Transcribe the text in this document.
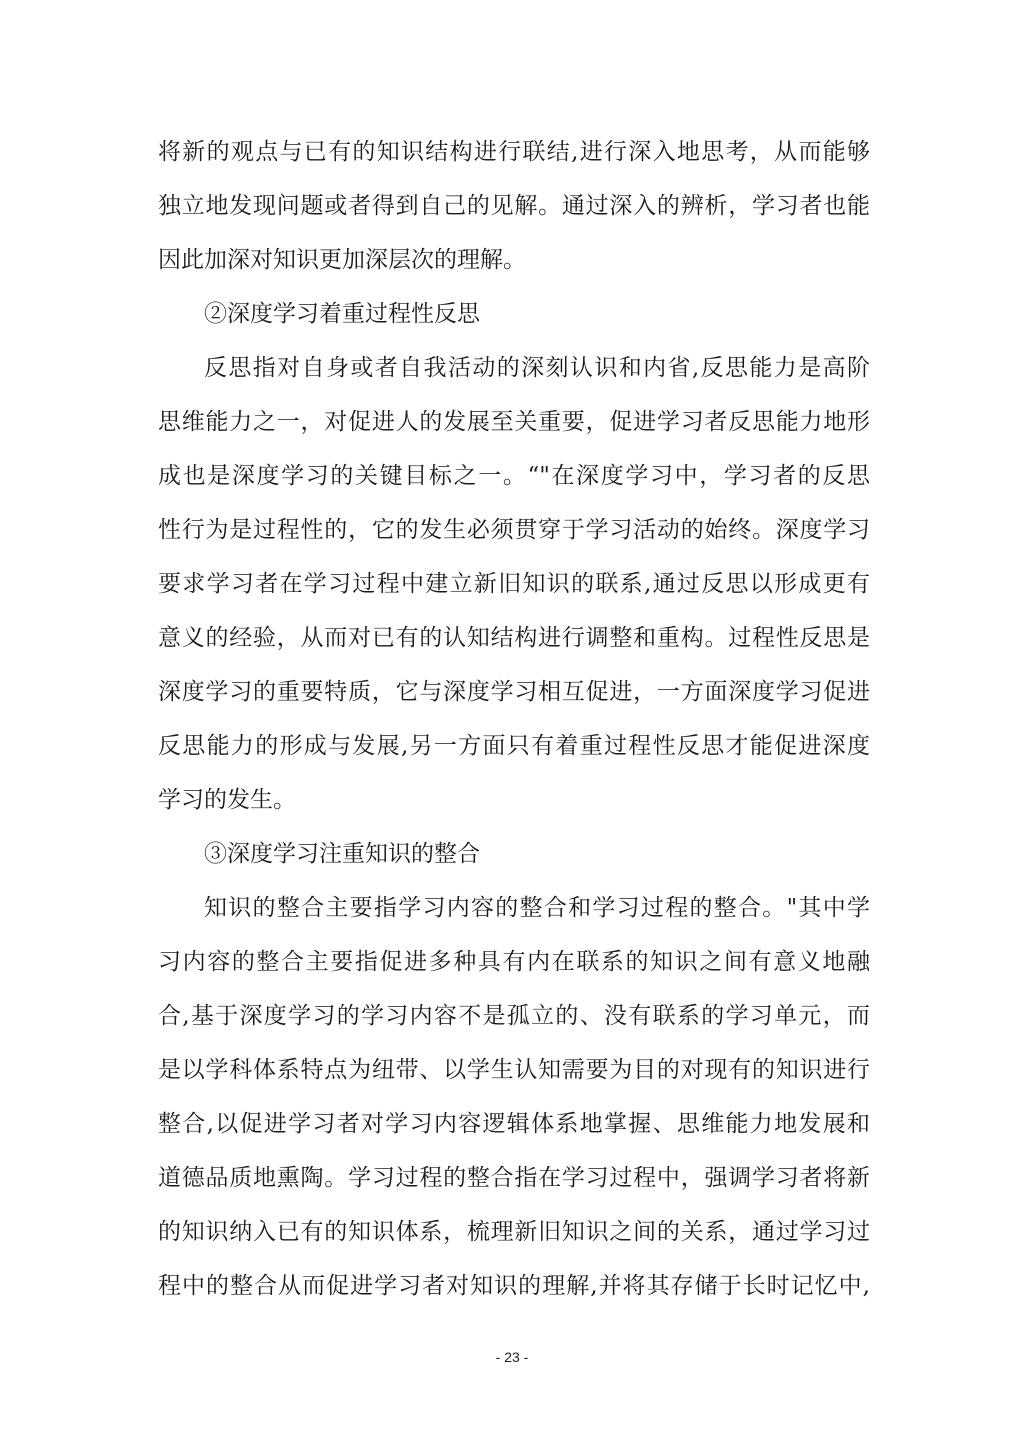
将新的观点与已有的知识结构进行联结,进行深入地思考，从而能够
独立地发现问题或者得到自己的见解。通过深入的辨析，学习者也能
因此加深对知识更加深层次的理解。
②深度学习着重过程性反思
反思指对自身或者自我活动的深刻认识和内省,反思能力是高阶
思维能力之一，对促进人的发展至关重要，促进学习者反思能力地形
成也是深度学习的关键目标之一。“"在深度学习中，学习者的反思
性行为是过程性的，它的发生必须贯穿于学习活动的始终。深度学习
要求学习者在学习过程中建立新旧知识的联系,通过反思以形成更有
意义的经验，从而对已有的认知结构进行调整和重构。过程性反思是
深度学习的重要特质，它与深度学习相互促进，一方面深度学习促进
反思能力的形成与发展,另一方面只有着重过程性反思才能促进深度
学习的发生。
③深度学习注重知识的整合
知识的整合主要指学习内容的整合和学习过程的整合。"其中学
习内容的整合主要指促进多种具有内在联系的知识之间有意义地融
合,基于深度学习的学习内容不是孤立的、没有联系的学习单元，而
是以学科体系特点为纽带、以学生认知需要为目的对现有的知识进行
整合,以促进学习者对学习内容逻辑体系地掌握、思维能力地发展和
道德品质地熏陶。学习过程的整合指在学习过程中，强调学习者将新
的知识纳入已有的知识体系，梳理新旧知识之间的关系，通过学习过
程中的整合从而促进学习者对知识的理解,并将其存储于长时记忆中,
- 23 -
